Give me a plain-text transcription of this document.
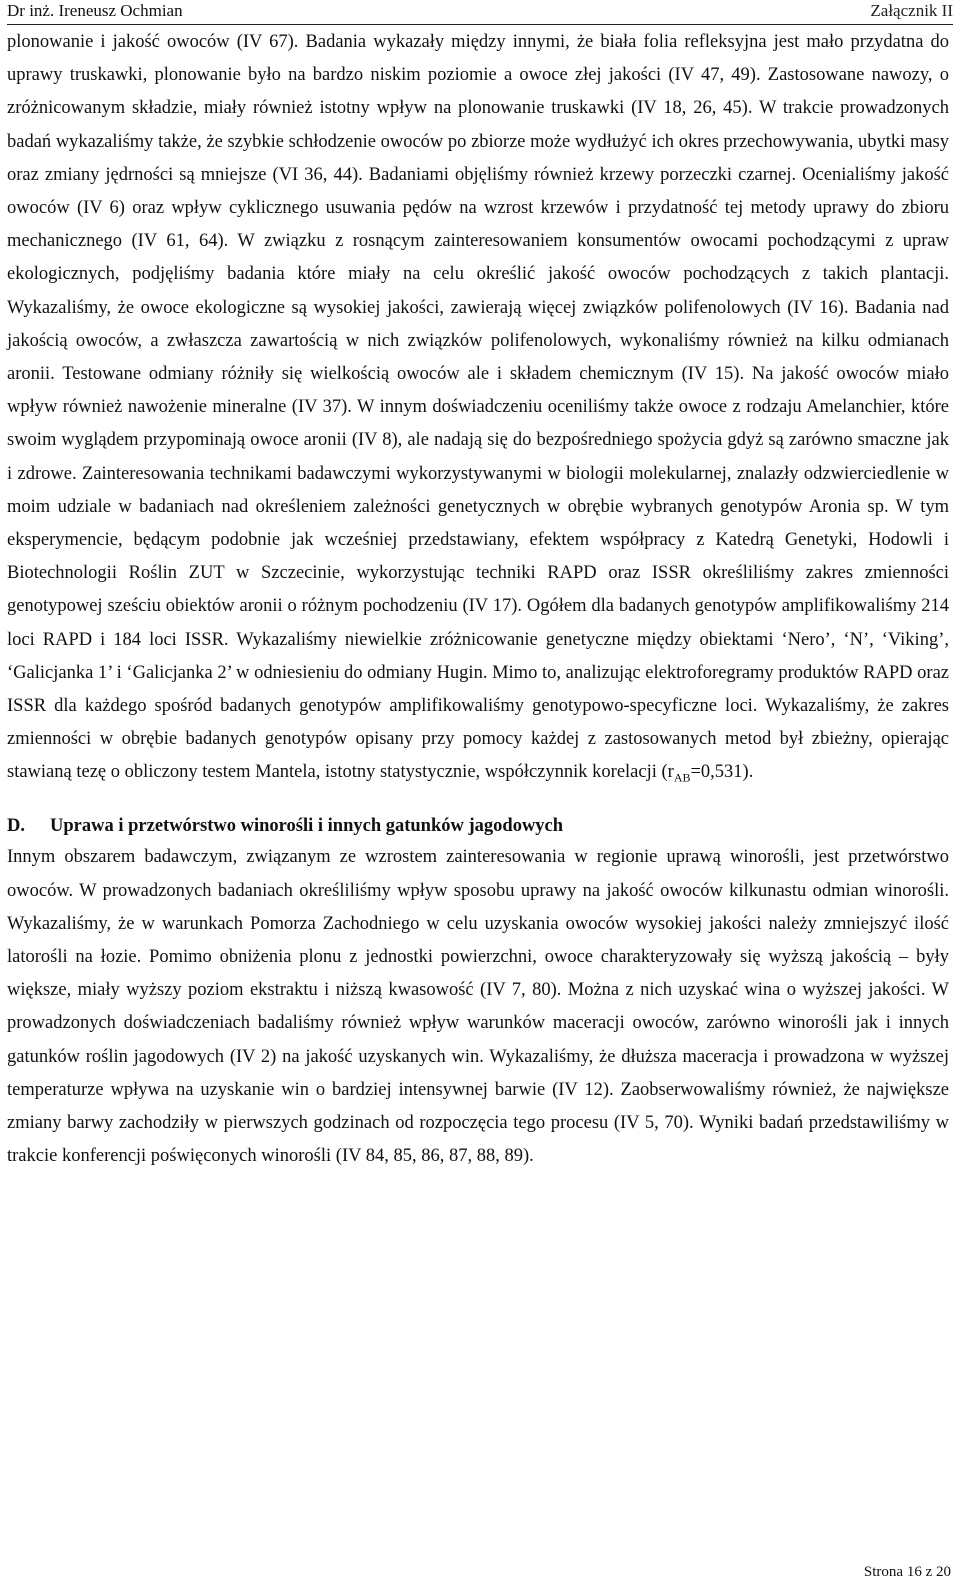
Dr inż. Ireneusz Ochmian	Załącznik II

plonowanie i jakość owoców (IV 67). Badania wykazały między innymi, że biała folia refleksyjna jest mało przydatna do uprawy truskawki, plonowanie było na bardzo niskim poziomie a owoce złej jakości (IV 47, 49). Zastosowane nawozy, o zróżnicowanym składzie, miały również istotny wpływ na plonowanie truskawki (IV 18, 26, 45). W trakcie prowadzonych badań wykazaliśmy także, że szybkie schłodzenie owoców po zbiorze może wydłużyć ich okres przechowywania, ubytki masy oraz zmiany jędrności są mniejsze (VI 36, 44). Badaniami objęliśmy również krzewy porzeczki czarnej. Ocenialiśmy jakość owoców (IV 6) oraz wpływ cyklicznego usuwania pędów na wzrost krzewów i przydatność tej metody uprawy do zbioru mechanicznego (IV 61, 64). W związku z rosnącym zainteresowaniem konsumentów owocami pochodzącymi z upraw ekologicznych, podjęliśmy badania które miały na celu określić jakość owoców pochodzących z takich plantacji. Wykazaliśmy, że owoce ekologiczne są wysokiej jakości, zawierają więcej związków polifenolowych (IV 16). Badania nad jakością owoców, a zwłaszcza zawartością w nich związków polifenolowych, wykonaliśmy również na kilku odmianach aronii. Testowane odmiany różniły się wielkością owoców ale i składem chemicznym (IV 15). Na jakość owoców miało wpływ również nawożenie mineralne (IV 37). W innym doświadczeniu oceniliśmy także owoce z rodzaju Amelanchier, które swoim wyglądem przypominają owoce aronii (IV 8), ale nadają się do bezpośredniego spożycia gdyż są zarówno smaczne jak i zdrowe. Zainteresowania technikami badawczymi wykorzystywanymi w biologii molekularnej, znalazły odzwierciedlenie w moim udziale w badaniach nad określeniem zależności genetycznych w obrębie wybranych genotypów Aronia sp. W tym eksperymencie, będącym podobnie jak wcześniej przedstawiany, efektem współpracy z Katedrą Genetyki, Hodowli i Biotechnologii Roślin ZUT w Szczecinie, wykorzystując techniki RAPD oraz ISSR określiliśmy zakres zmienności genotypowej sześciu obiektów aronii o różnym pochodzeniu (IV 17). Ogółem dla badanych genotypów amplifikowaliśmy 214 loci RAPD i 184 loci ISSR. Wykazaliśmy niewielkie zróżnicowanie genetyczne między obiektami ‘Nero’, ‘N’, ‘Viking’, ‘Galicjanka 1’ i ‘Galicjanka 2’ w odniesieniu do odmiany Hugin. Mimo to, analizując elektroforegramy produktów RAPD oraz ISSR dla każdego spośród badanych genotypów amplifikowaliśmy genotypowo-specyficzne loci. Wykazaliśmy, że zakres zmienności w obrębie badanych genotypów opisany przy pomocy każdej z zastosowanych metod był zbieżny, opierając stawianą tezę o obliczony testem Mantela, istotny statystycznie, współczynnik korelacji $(r_{AB}=0,531)$.

D. Uprawa i przetwórstwo winorośli i innych gatunków jagodowych

Innym obszarem badawczym, związanym ze wzrostem zainteresowania w regionie uprawą winorośli, jest przetwórstwo owoców. W prowadzonych badaniach określiliśmy wpływ sposobu uprawy na jakość owoców kilkunastu odmian winorośli. Wykazaliśmy, że w warunkach Pomorza Zachodniego w celu uzyskania owoców wysokiej jakości należy zmniejszyć ilość latorośli na łozie. Pomimo obniżenia plonu z jednostki powierzchni, owoce charakteryzowały się wyższą jakością – były większe, miały wyższy poziom ekstraktu i niższą kwasowość (IV 7, 80). Można z nich uzyskać wina o wyższej jakości. W prowadzonych doświadczeniach badaliśmy również wpływ warunków maceracji owoców, zarówno winorośli jak i innych gatunków roślin jagodowych (IV 2) na jakość uzyskanych win. Wykazaliśmy, że dłuższa maceracja i prowadzona w wyższej temperaturze wpływa na uzyskanie win o bardziej intensywnej barwie (IV 12). Zaobserwowaliśmy również, że największe zmiany barwy zachodziły w pierwszych godzinach od rozpoczęcia tego procesu (IV 5, 70). Wyniki badań przedstawiliśmy w trakcie konferencji poświęconych winorośli (IV 84, 85, 86, 87, 88, 89).

Strona 16 z 20
